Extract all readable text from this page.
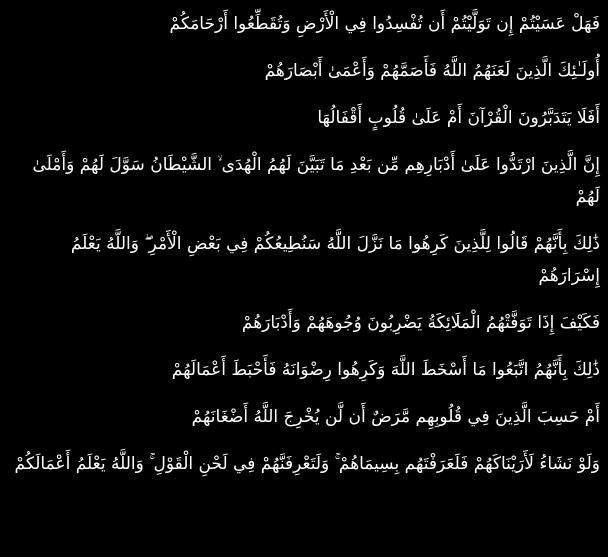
فَهَلْ عَسَيْتُمْ إِن تَوَلَّيْتُمْ أَن تُفْسِدُوا فِي الْأَرْضِ وَتُقَطِّعُوا أَرْحَامَكُمْ

أُولَـٰئِكَ الَّذِينَ لَعَنَهُمُ اللَّهُ فَأَصَمَّهُمْ وَأَعْمَىٰ أَبْصَارَهُمْ

أَفَلَا يَتَدَبَّرُونَ الْقُرْآنَ أَمْ عَلَىٰ قُلُوبٍ أَقْفَالُهَا

إِنَّ الَّذِينَ ارْتَدُّوا عَلَىٰ أَدْبَارِهِم مِّن بَعْدِ مَا تَبَيَّنَ لَهُمُ الْهُدَى ۙ الشَّيْطَانُ سَوَّلَ لَهُمْ وَأَمْلَىٰ لَهُمْ

ذَٰلِكَ بِأَنَّهُمْ قَالُوا لِلَّذِينَ كَرِهُوا مَا نَزَّلَ اللَّهُ سَنُطِيعُكُمْ فِي بَعْضِ الْأَمْرِ ۖ وَاللَّهُ يَعْلَمُ إِسْرَارَهُمْ

فَكَيْفَ إِذَا تَوَفَّتْهُمُ الْمَلَائِكَةُ يَضْرِبُونَ وُجُوهَهُمْ وَأَدْبَارَهُمْ

ذَٰلِكَ بِأَنَّهُمُ اتَّبَعُوا مَا أَسْخَطَ اللَّهَ وَكَرِهُوا رِضْوَانَهُ فَأَحْبَطَ أَعْمَالَهُمْ

أَمْ حَسِبَ الَّذِينَ فِي قُلُوبِهِم مَّرَضٌ أَن لَّن يُخْرِجَ اللَّهُ أَضْغَانَهُمْ

وَلَوْ نَشَاءُ لَأَرَيْنَاكَهُمْ فَلَعَرَفْتَهُم بِسِيمَاهُمْ ۚ وَلَتَعْرِفَنَّهُمْ فِي لَحْنِ الْقَوْلِ ۚ وَاللَّهُ يَعْلَمُ أَعْمَالَكُمْ
